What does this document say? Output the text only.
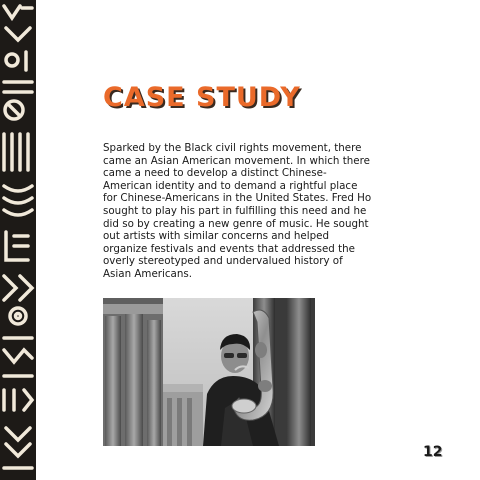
CASE STUDY

Sparked by the Black civil rights movement, there came an Asian American movement. In which there came a need to develop a distinct Chinese-American identity and to demand a rightful place for Chinese-Americans in the United States. Fred Ho sought to play his part in fulfilling this need and he did so by creating a new genre of music. He sought out artists with similar concerns and helped organize festivals and events that addressed the overly stereotyped and undervalued history of Asian Americans.

12
